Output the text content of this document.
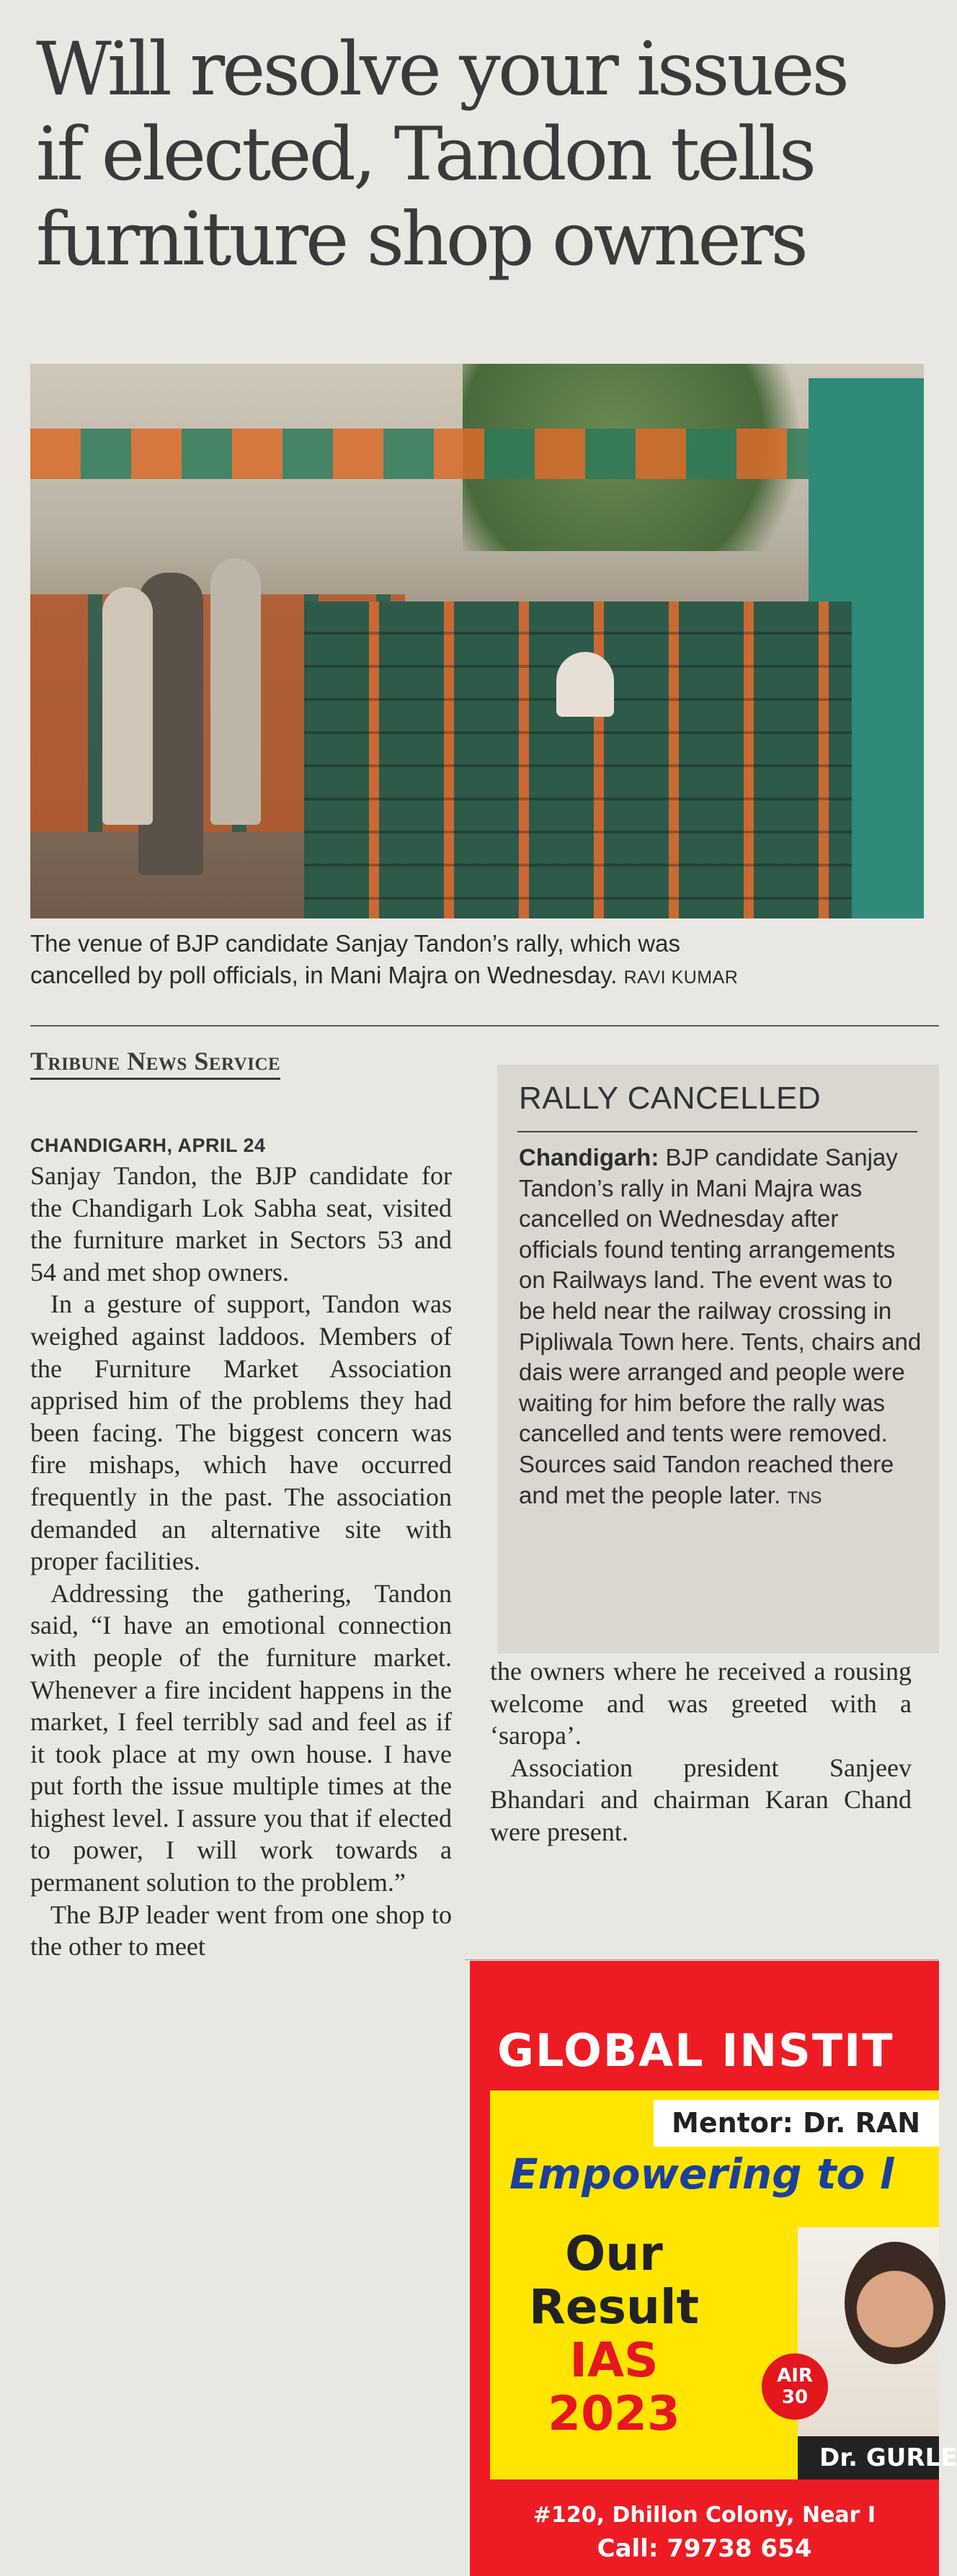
Will resolve your issues
if elected, Tandon tells
furniture shop owners
The venue of BJP candidate Sanjay Tandon’s rally, which was
cancelled by poll officials, in Mani Majra on Wednesday. RAVI KUMAR
Tribune News Service
CHANDIGARH, APRIL 24

Sanjay Tandon, the BJP candidate for the Chandigarh Lok Sabha seat, visited the furniture market in Sectors 53 and 54 and met shop owners.

In a gesture of support, Tandon was weighed against laddoos. Members of the Furniture Market Association apprised him of the problems they had been facing. The biggest concern was fire mishaps, which have occurred frequently in the past. The association demanded an alternative site with proper facilities.

Addressing the gathering, Tandon said, “I have an emotional connection with people of the furniture market. Whenever a fire incident happens in the market, I feel terribly sad and feel as if it took place at my own house. I have put forth the issue multiple times at the highest level. I assure you that if elected to power, I will work towards a permanent solution to the problem.”

The BJP leader went from one shop to the other to meet

RALLY CANCELLED
Chandigarh: BJP candidate Sanjay Tandon’s rally in Mani Majra was cancelled on Wednesday after officials found tenting arrangements on Railways land. The event was to be held near the railway crossing in Pipliwala Town here. Tents, chairs and dais were arranged and people were waiting for him before the rally was cancelled and tents were removed. Sources said Tandon reached there and met the people later. TNS

the owners where he received a rousing welcome and was greeted with a ‘saropa’.

Association president Sanjeev Bhandari and chairman Karan Chand were present.

GLOBAL INSTIT
Mentor: Dr. RAN
Empowering to l
Our
Result
IAS
2023
AIR
30
Dr. GURLE
#120, Dhillon Colony, Near I
Call: 79738 654
